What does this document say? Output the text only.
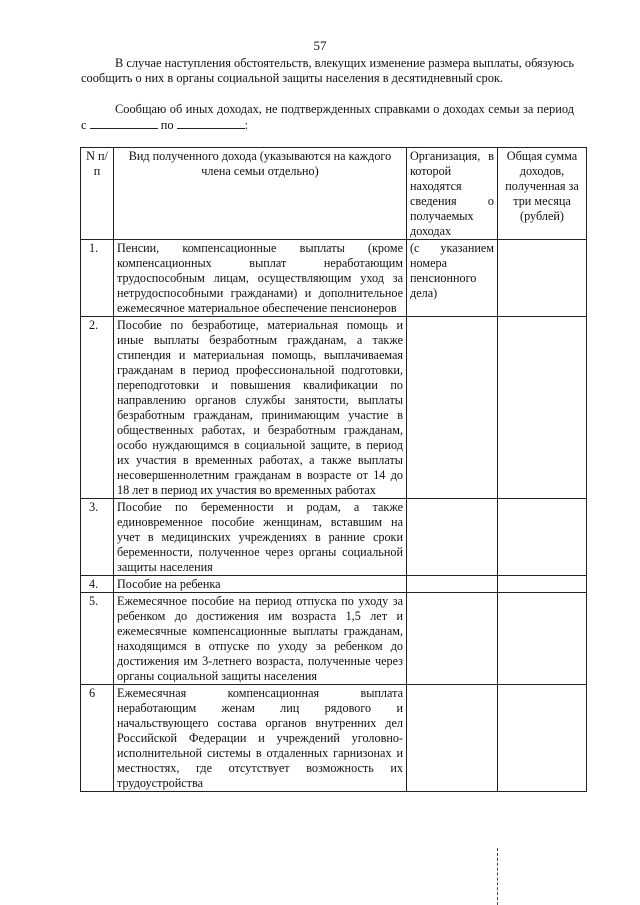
57
В случае наступления обстоятельств, влекущих изменение размера выплаты, обязуюсь сообщить о них в органы социальной защиты населения в десятидневный срок.
Сообщаю об иных доходах, не подтвержденных справками о доходах семьи за период с	по	:
N п/п	Вид полученного дохода (указываются на каждого члена семьи отдельно)	Организация, в которой находятся сведения о получаемых доходах	Общая сумма доходов, полученная за три месяца (рублей)
1.	Пенсии, компенсационные выплаты (кроме компенсационных выплат неработающим трудоспособным лицам, осуществляющим уход за нетрудоспособными гражданами) и дополнительное ежемесячное материальное обеспечение пенсионеров	(с указанием номера пенсионного дела)	
2.	Пособие по безработице, материальная помощь и иные выплаты безработным гражданам, а также стипендия и материальная помощь, выплачиваемая гражданам в период профессиональной подготовки, переподготовки и повышения квалификации по направлению органов службы занятости, выплаты безработным гражданам, принимающим участие в общественных работах, и безработным гражданам, особо нуждающимся в социальной защите, в период их участия в временных работах, а также выплаты несовершеннолетним гражданам в возрасте от 14 до 18 лет в период их участия во временных работах		
3.	Пособие по беременности и родам, а также единовременное пособие женщинам, вставшим на учет в медицинских учреждениях в ранние сроки беременности, полученное через органы социальной защиты населения		
4.	Пособие на ребенка		
5.	Ежемесячное пособие на период отпуска по уходу за ребенком до достижения им возраста 1,5 лет и ежемесячные компенсационные выплаты гражданам, находящимся в отпуске по уходу за ребенком до достижения им 3-летнего возраста, полученные через органы социальной защиты населения		
6	Ежемесячная компенсационная выплата неработающим женам лиц рядового и начальствующего состава органов внутренних дел Российской Федерации и учреждений уголовно-исполнительной системы в отдаленных гарнизонах и местностях, где отсутствует возможность их трудоустройства		
